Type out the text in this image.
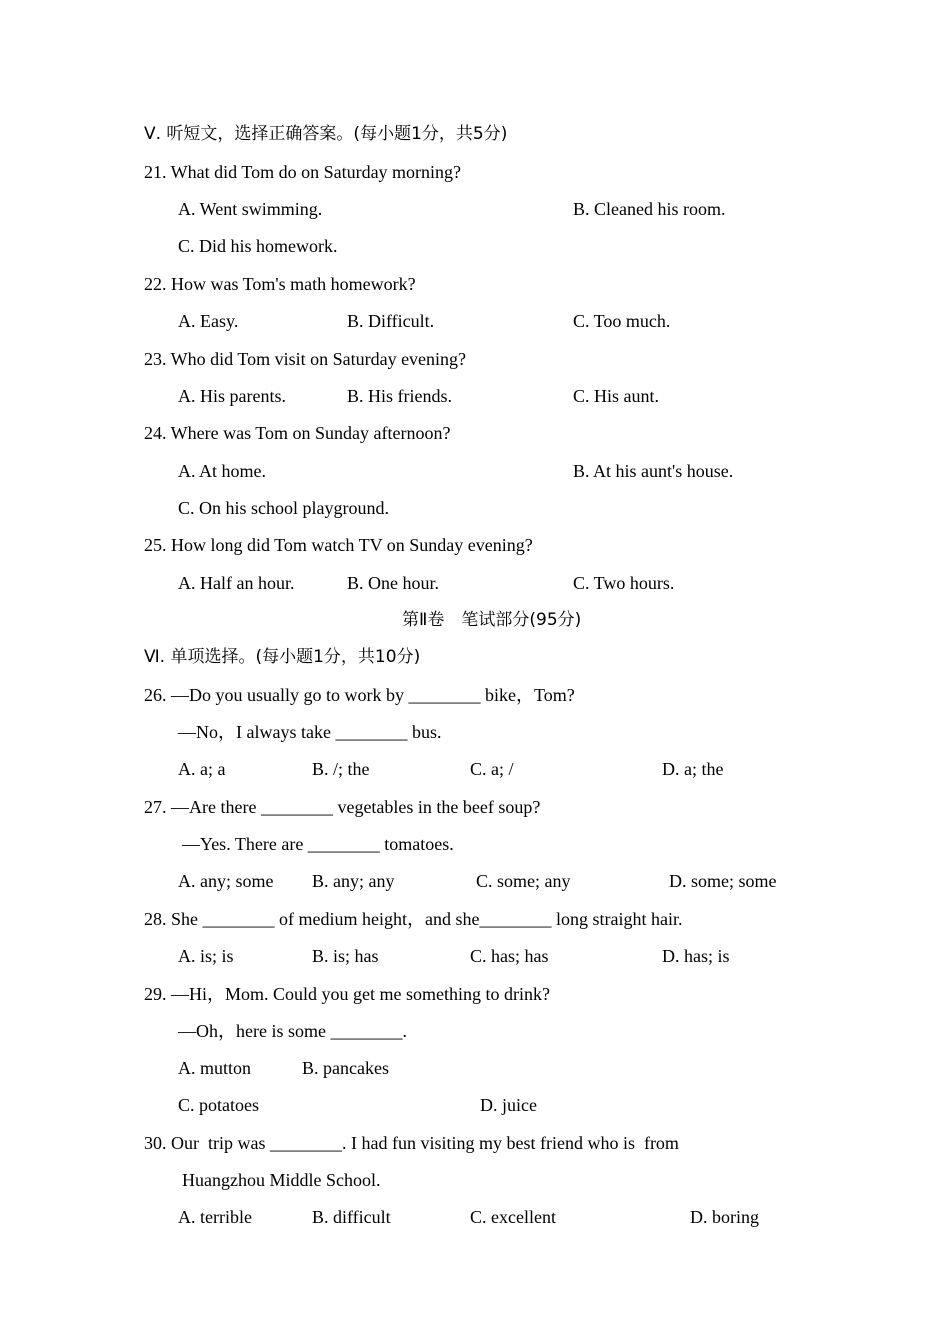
Ⅴ. 听短文，选择正确答案。(每小题1分，共5分)
21. What did Tom do on Saturday morning?
A. Went swimming.	B. Cleaned his room.
C. Did his homework.
22. How was Tom's math homework?
A. Easy.	B. Difficult.	C. Too much.
23. Who did Tom visit on Saturday evening?
A. His parents.	B. His friends.	C. His aunt.
24. Where was Tom on Sunday afternoon?
A. At home.	B. At his aunt's house.
C. On his school playground.
25. How long did Tom watch TV on Sunday evening?
A. Half an hour.	B. One hour.	C. Two hours.
第Ⅱ卷　笔试部分(95分)
Ⅵ. 单项选择。(每小题1分，共10分)
26. —Do you usually go to work by ________ bike，Tom?
—No，I always take ________ bus.
A. a; a	B. /; the	C. a; /	D. a; the
27. —Are there ________ vegetables in the beef soup?
—Yes. There are ________ tomatoes.
A. any; some B. any; any	C. some; any	D. some; some
28. She ________ of medium height，and she________ long straight hair.
A. is; is	B. is; has	C. has; has	D. has; is
29. —Hi，Mom. Could you get me something to drink?
—Oh，here is some ________.
A. mutton	B. pancakes
C. potatoes	D. juice
30. Our  trip was ________. I had fun visiting my best friend who is  from
Huangzhou Middle School.
A. terrible	B. difficult	C. excellent	D. boring
